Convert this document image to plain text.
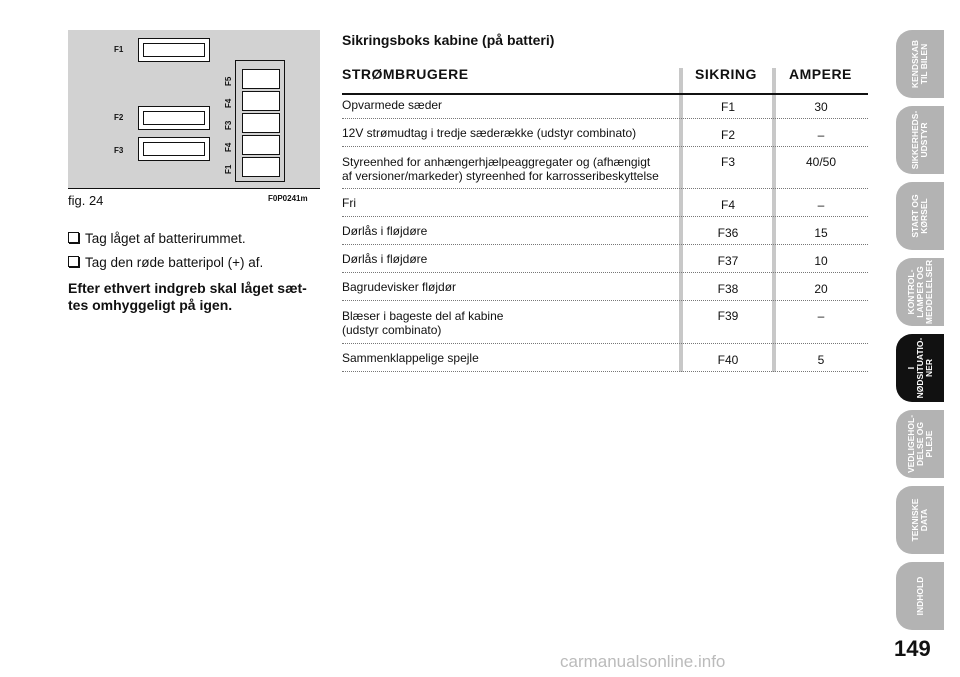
F1
F2
F3
F5
F4
F3
F4
F1
fig. 24	F0P0241m
Tag låget af batterirummet.
Tag den røde batteripol (+) af.
Efter ethvert indgreb skal låget sæt-
tes omhyggeligt på igen.
Sikringsboks kabine (på batteri)
STRØMBRUGERE	SIKRING AMPERE
Opvarmede sæder	F1	30
12V strømudtag i tredje sæderække (udstyr combinato)	F2	–
Styreenhed for anhængerhjælpeaggregater og (afhængigt
af versioner/markeder) styreenhed for karrosseribeskyttelse
F3	40/50
Fri	F4	–
Dørlås i fløjdøre	F36	15
Dørlås i fløjdøre	F37	10
Bagrudevisker fløjdør	F38	20
Blæser i bageste del af kabine
(udstyr combinato)
F39	–
Sammenklappelige spejle	F40	5
KENDSKAB TIL BILEN
SIKKERHEDS- UDSTYR
START OG KØRSEL
KONTROL- LAMPER OG MEDDELELSER
I NØDSITUATIO- NER
VEDLIGEHOL- DELSE OG PLEJE
TEKNISKE DATA
INDHOLD
149
carmanualsonline.info
